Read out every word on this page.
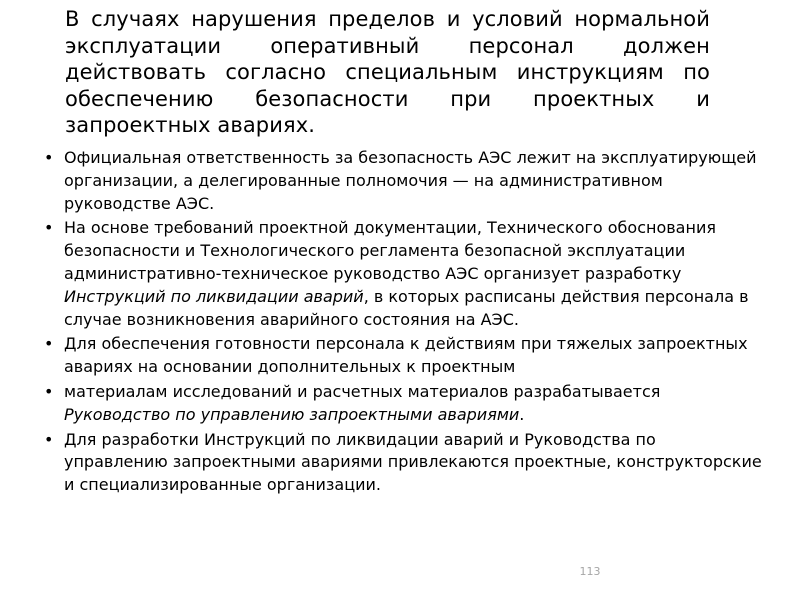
В случаях нарушения пределов и условий нормальной эксплуатации оперативный персонал должен действовать согласно специальным инструкциям по обеспечению безопасности при проектных и запроектных авариях.

• Официальная ответственность за безопасность АЭС лежит на эксплуатирующей организации, а делегированные полномочия — на административном руководстве АЭС.
• На основе требований проектной документации, Технического обоснования безопасности и Технологического регламента безопасной эксплуатации административно-техническое руководство АЭС организует разработку Инструкций по ликвидации аварий, в которых расписаны действия персонала в случае возникновения аварийного состояния на АЭС.
• Для обеспечения готовности персонала к действиям при тяжелых запроектных авариях на основании дополнительных к проектным
• материалам исследований и расчетных материалов разрабатывается Руководство по управлению запроектными авариями.
• Для разработки Инструкций по ликвидации аварий и Руководства по управлению запроектными авариями привлекаются проектные, конструкторские и специализированные организации.
113
